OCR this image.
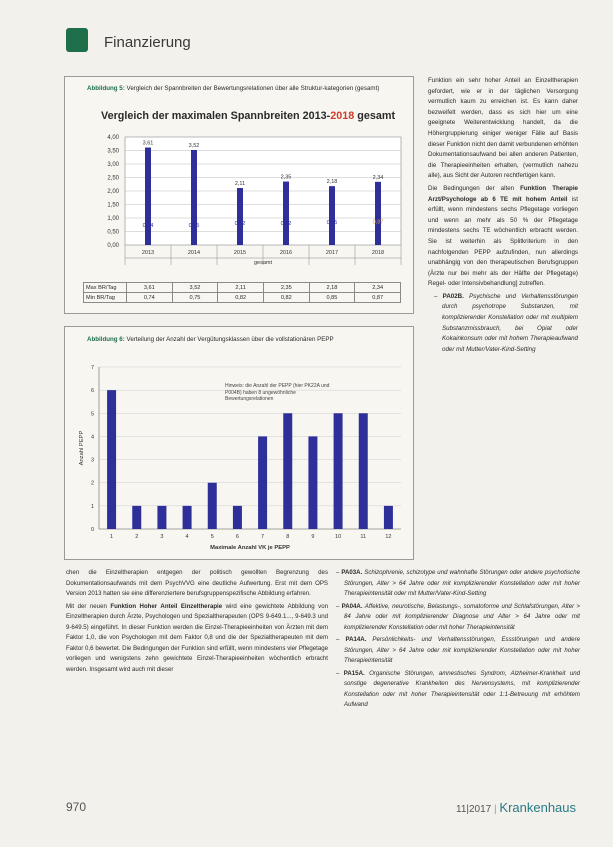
Finanzierung
Abbildung 5: Vergleich der Spannbreiten der Bewertungsrelationen über alle Struktur-kategorien (gesamt)
Vergleich der maximalen Spannbreiten 2013-2018 gesamt
0,00
0,50
1,00
1,50
2,00
2,50
3,00
3,50
4,00
3,61
0,74
2013
3,52
0,75
2014
2,11
0,82
2015
2,35
0,82
2016
2,18
0,85
2017
2,34
0,87
2018
gesamt
Max BR/Tag	3,61	3,52	2,11	2,35	2,18	2,34
Min BR/Tag	0,74	0,75	0,82	0,82	0,85	0,87
Abbildung 6: Verteilung der Anzahl der Vergütungsklassen über die vollstationären PEPP
0
1
2
3
4
5
6
7
1	2	3	4	5	6	7	8	9	10	11	12
Maximale Anzahl VK je PEPP
Anzahl PEPP
Hinweis: die Anzahl der PEPP (hier PK22A und P004B) haben 8 ungewöhnliche Bewertungsrelationen
Funktion ein sehr hoher Anteil an Einzeltherapien gefordert, wie er in der täglichen Versorgung vermutlich kaum zu erreichen ist. Es kann daher bezweifelt werden, dass es sich hier um eine geeignete Weiterentwicklung handelt, da die Höhergruppierung einiger weniger Fälle auf Basis dieser Funktion nicht den damit verbundenen erhöhten Dokumentationsaufwand bei allen anderen Patienten, die Therapieeinheiten erhalten, (vermutlich nahezu alle), aus Sicht der Autoren rechtfertigen kann.
Die Bedingungen der alten Funktion Therapie Arzt/Psychologe ab 6 TE mit hohem Anteil ist erfüllt, wenn mindestens sechs Pflegetage vorliegen und wenn an mehr als 50 % der Pflegetage mindestens sechs TE wöchentlich erbracht werden. Sie ist weiterhin als Splitkriterium in den nachfolgenden PEPP aufzufinden, nun allerdings unabhängig von den therapeutischen Berufsgruppen (Ärzte nur bei mehr als der Hälfte der Pflegetage) Regel- oder Intensivbehandlung] zutreffen.
– PA02B. Psychische und Verhaltensstörungen durch psychotrope Substanzen, mit komplizierender Konstellation oder mit multiplem Substanzmissbrauch, bei Opiat oder Kokainkonsum oder mit hohem Therapieaufwand oder mit Mutter/Vater-Kind-Setting

chen die Einzeltherapien entgegen der politisch gewollten Begrenzung des Dokumentationsaufwands mit dem PsychVVG eine deutliche Aufwertung. Erst mit dem OPS Version 2013 hatten sie eine differenziertere berufsgruppenspezifische Abbildung erfahren.

Mit der neuen Funktion Hoher Anteil Einzeltherapie wird eine gewichtete Abbildung von Einzeltherapien durch Ärzte, Psychologen und Spezialtherapeuten (OPS 9-649.1..., 9-649.3 und 9-649.5) eingeführt. In dieser Funktion werden die Einzel-Therapieeinheiten von Ärzten mit dem Faktor 1,0, die von Psychologen mit dem Faktor 0,8 und die der Spezialtherapeuten mit dem Faktor 0,6 bewertet. Die Bedingungen der Funktion sind erfüllt, wenn mindestens vier Pflegetage vorliegen und wenigstens zehn gewichtete Einzel-Therapieeinheiten wöchentlich erbracht werden. Insgesamt wird auch mit dieser

– PA03A. Schizophrenie, schizotype und wahnhafte Störungen oder andere psychotische Störungen, Alter > 64 Jahre oder mit komplizierender Konstellation oder mit hoher Therapieintensität oder mit Mutter/Vater-Kind-Setting

– PA04A. Affektive, neurotische, Belastungs-, somatoforme und Schlafstörungen, Alter > 84 Jahre oder mit komplizierender Diagnose und Alter > 64 Jahre oder mit komplizierender Konstellation oder mit hoher Therapieintensität

– PA14A. Persönlichkeits- und Verhaltensstörungen, Essstörungen und andere Störungen, Alter > 64 Jahre oder mit komplizierender Konstellation oder mit hoher Therapieintensität

– PA15A. Organische Störungen, amnestisches Syndrom, Alzheimer-Krankheit und sonstige degenerative Krankheiten des Nervensystems, mit komplizierender Konstellation oder mit hoher Therapieintensität oder 1:1-Betreuung mit erhöhtem Aufwand

970	11|2017 | Krankenhaus
